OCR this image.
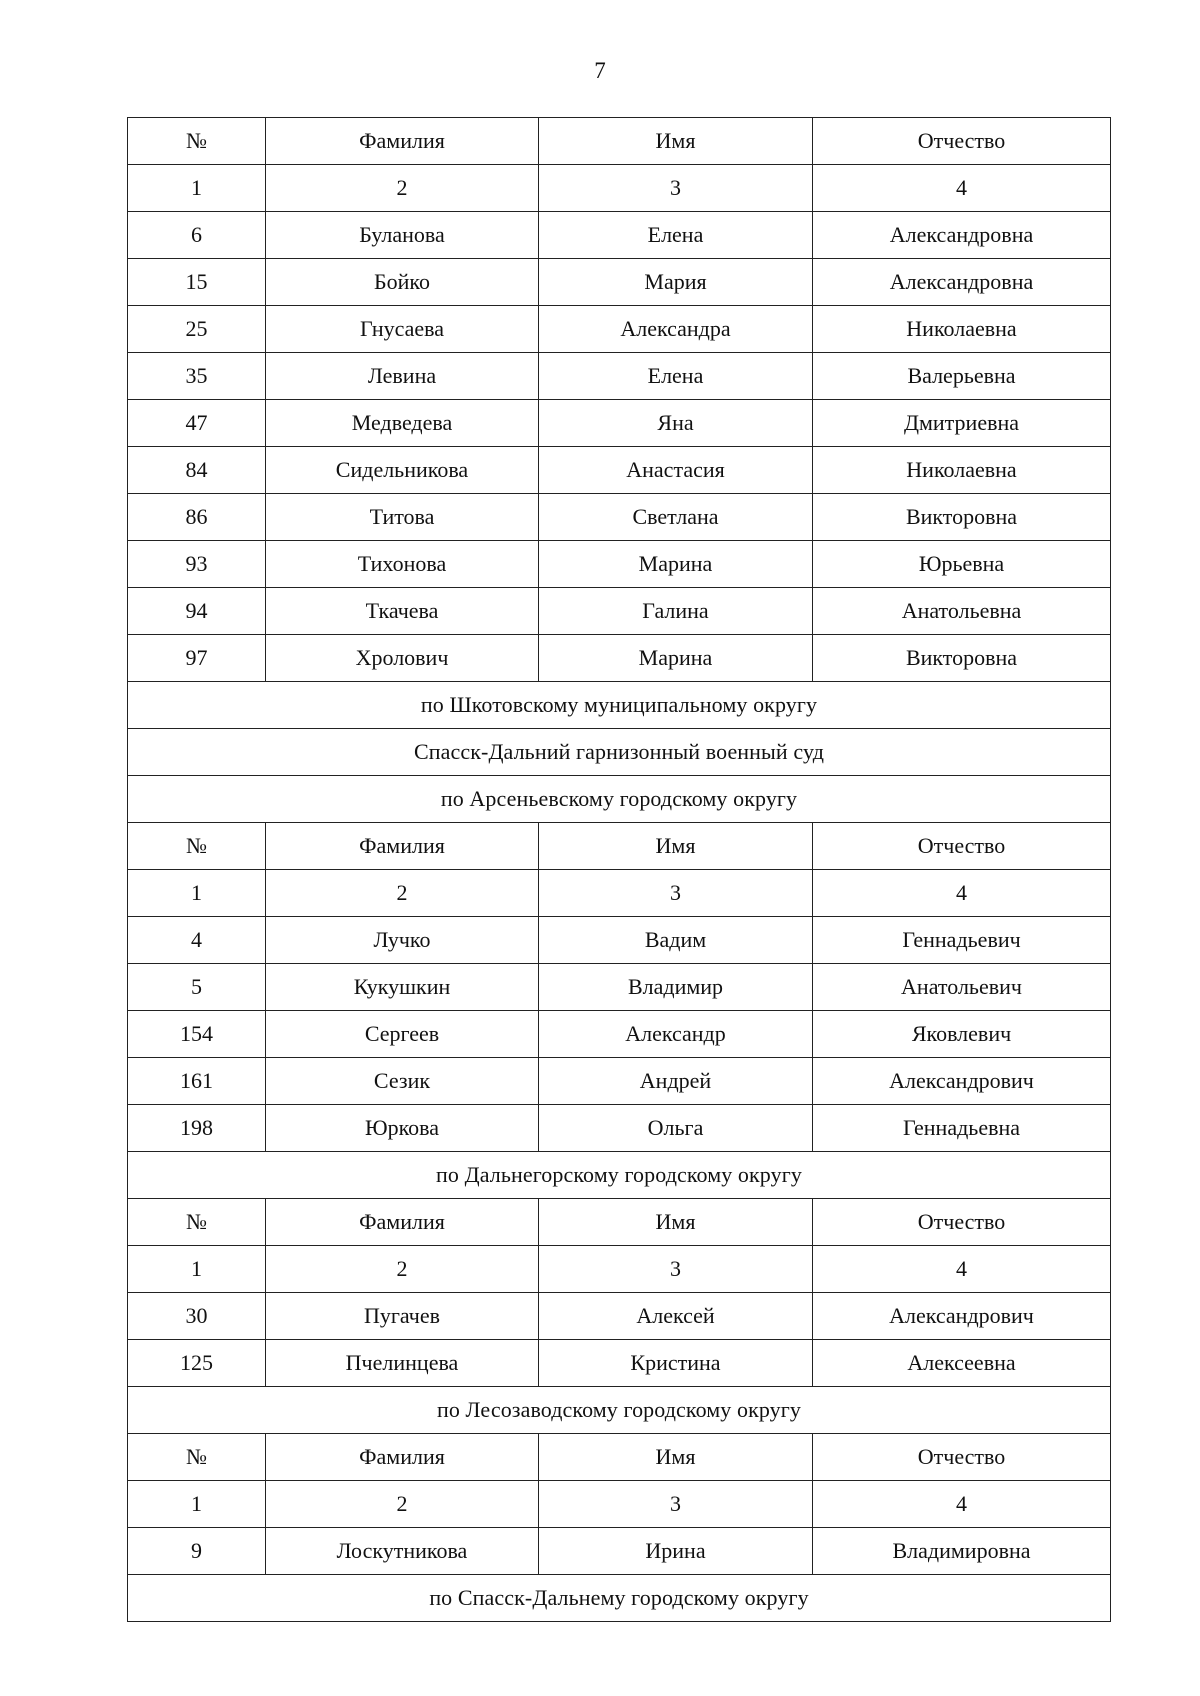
7
№	Фамилия	Имя	Отчество
1	2	3	4
6	Буланова	Елена	Александровна
15	Бойко	Мария	Александровна
25	Гнусаева	Александра	Николаевна
35	Левина	Елена	Валерьевна
47	Медведева	Яна	Дмитриевна
84	Сидельникова	Анастасия	Николаевна
86	Титова	Светлана	Викторовна
93	Тихонова	Марина	Юрьевна
94	Ткачева	Галина	Анатольевна
97	Хролович	Марина	Викторовна
по Шкотовскому муниципальному округу			
Спасск-Дальний гарнизонный военный суд			
по Арсеньевскому городскому округу			
№	Фамилия	Имя	Отчество
1	2	3	4
4	Лучко	Вадим	Геннадьевич
5	Кукушкин	Владимир	Анатольевич
154	Сергеев	Александр	Яковлевич
161	Сезик	Андрей	Александрович
198	Юркова	Ольга	Геннадьевна
по Дальнегорскому городскому округу			
№	Фамилия	Имя	Отчество
1	2	3	4
30	Пугачев	Алексей	Александрович
125	Пчелинцева	Кристина	Алексеевна
по Лесозаводскому городскому округу			
№	Фамилия	Имя	Отчество
1	2	3	4
9	Лоскутникова	Ирина	Владимировна
по Спасск-Дальнему городскому округу			
